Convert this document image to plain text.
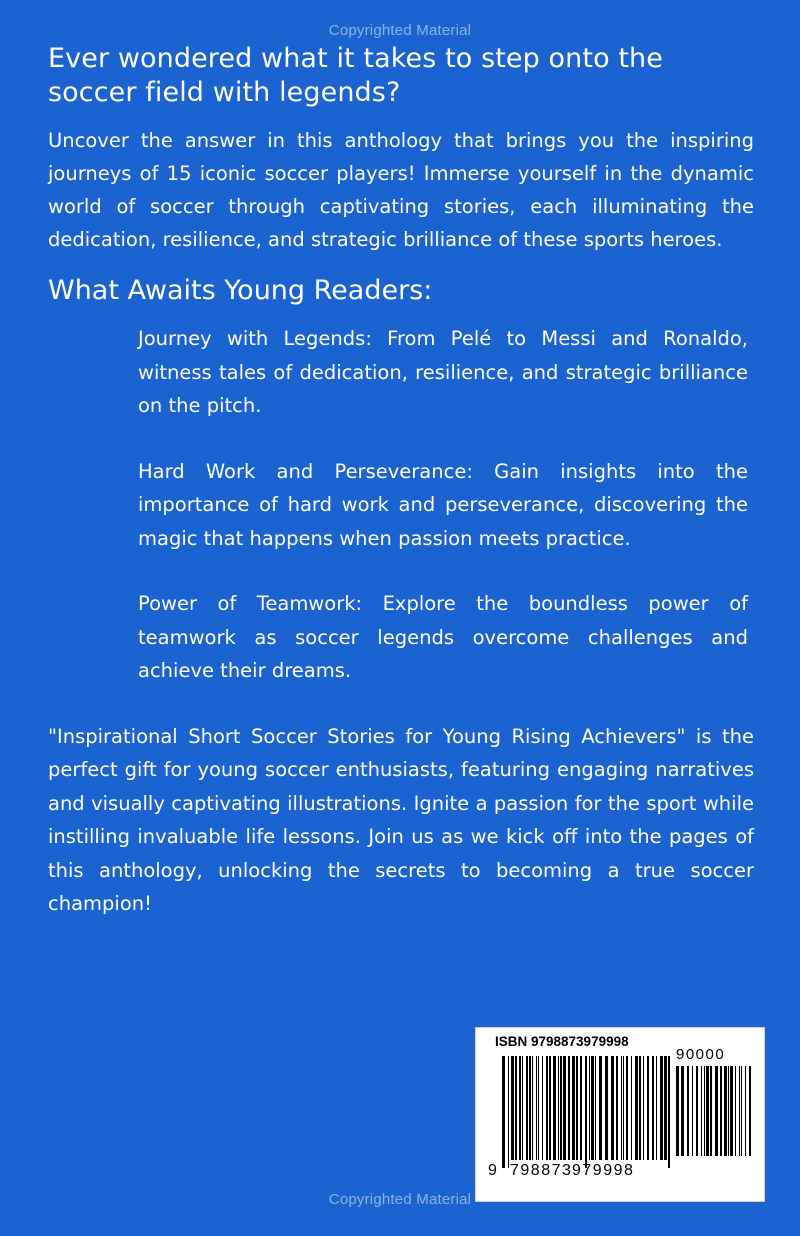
Copyrighted Material
Ever wondered what it takes to step onto the soccer field with legends?

Uncover the answer in this anthology that brings you the inspiring journeys of 15 iconic soccer players! Immerse yourself in the dynamic world of soccer through captivating stories, each illuminating the dedication, resilience, and strategic brilliance of these sports heroes.

What Awaits Young Readers:

Journey with Legends: From Pelé to Messi and Ronaldo, witness tales of dedication, resilience, and strategic brilliance on the pitch.

Hard Work and Perseverance: Gain insights into the importance of hard work and perseverance, discovering the magic that happens when passion meets practice.

Power of Teamwork: Explore the boundless power of teamwork as soccer legends overcome challenges and achieve their dreams.

"Inspirational Short Soccer Stories for Young Rising Achievers" is the perfect gift for young soccer enthusiasts, featuring engaging narratives and visually captivating illustrations. Ignite a passion for the sport while instilling invaluable life lessons. Join us as we kick off into the pages of this anthology, unlocking the secrets to becoming a true soccer champion!

ISBN 9798873979998
90000
9 798873 979998
Copyrighted Material
